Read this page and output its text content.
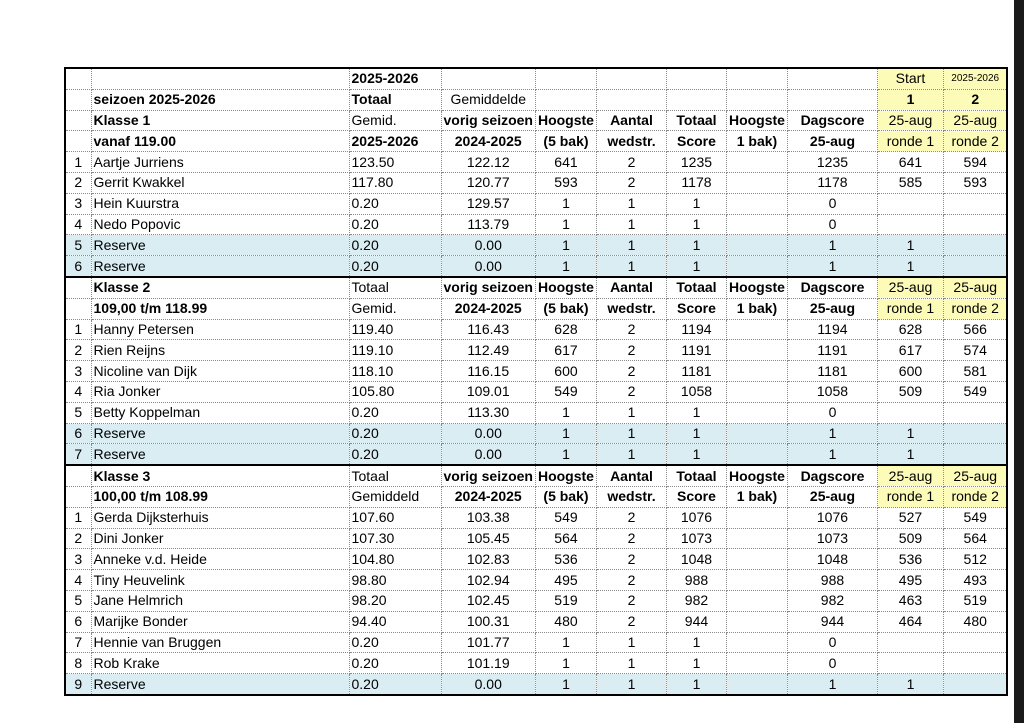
		2025-2026							Start	2025-2026
	seizoen 2025-2026	Totaal	Gemiddelde						1	2
	Klasse 1	Gemid.	vorig seizoen	Hoogste	Aantal	Totaal	Hoogste	Dagscore	25-aug	25-aug
	vanaf 119.00	2025-2026	2024-2025	(5 bak)	wedstr.	Score	1 bak)	25-aug	ronde 1	ronde 2
1	Aartje Jurriens	123.50	122.12	641	2	1235		1235	641	594
2	Gerrit Kwakkel	117.80	120.77	593	2	1178		1178	585	593
3	Hein Kuurstra	0.20	129.57	1	1	1		0		
4	Nedo Popovic	0.20	113.79	1	1	1		0		
5	Reserve	0.20	0.00	1	1	1		1	1	
6	Reserve	0.20	0.00	1	1	1		1	1	
	Klasse 2	Totaal	vorig seizoen	Hoogste	Aantal	Totaal	Hoogste	Dagscore	25-aug	25-aug
	109,00 t/m 118.99	Gemid.	2024-2025	(5 bak)	wedstr.	Score	1 bak)	25-aug	ronde 1	ronde 2
1	Hanny Petersen	119.40	116.43	628	2	1194		1194	628	566
2	Rien Reijns	119.10	112.49	617	2	1191		1191	617	574
3	Nicoline van Dijk	118.10	116.15	600	2	1181		1181	600	581
4	Ria Jonker	105.80	109.01	549	2	1058		1058	509	549
5	Betty Koppelman	0.20	113.30	1	1	1		0		
6	Reserve	0.20	0.00	1	1	1		1	1	
7	Reserve	0.20	0.00	1	1	1		1	1	
	Klasse 3	Totaal	vorig seizoen	Hoogste	Aantal	Totaal	Hoogste	Dagscore	25-aug	25-aug
	100,00 t/m 108.99	Gemiddeld	2024-2025	(5 bak)	wedstr.	Score	1 bak)	25-aug	ronde 1	ronde 2
1	Gerda Dijksterhuis	107.60	103.38	549	2	1076		1076	527	549
2	Dini Jonker	107.30	105.45	564	2	1073		1073	509	564
3	Anneke v.d. Heide	104.80	102.83	536	2	1048		1048	536	512
4	Tiny Heuvelink	98.80	102.94	495	2	988		988	495	493
5	Jane Helmrich	98.20	102.45	519	2	982		982	463	519
6	Marijke Bonder	94.40	100.31	480	2	944		944	464	480
7	Hennie van Bruggen	0.20	101.77	1	1	1		0		
8	Rob Krake	0.20	101.19	1	1	1		0		
9	Reserve	0.20	0.00	1	1	1		1	1	
